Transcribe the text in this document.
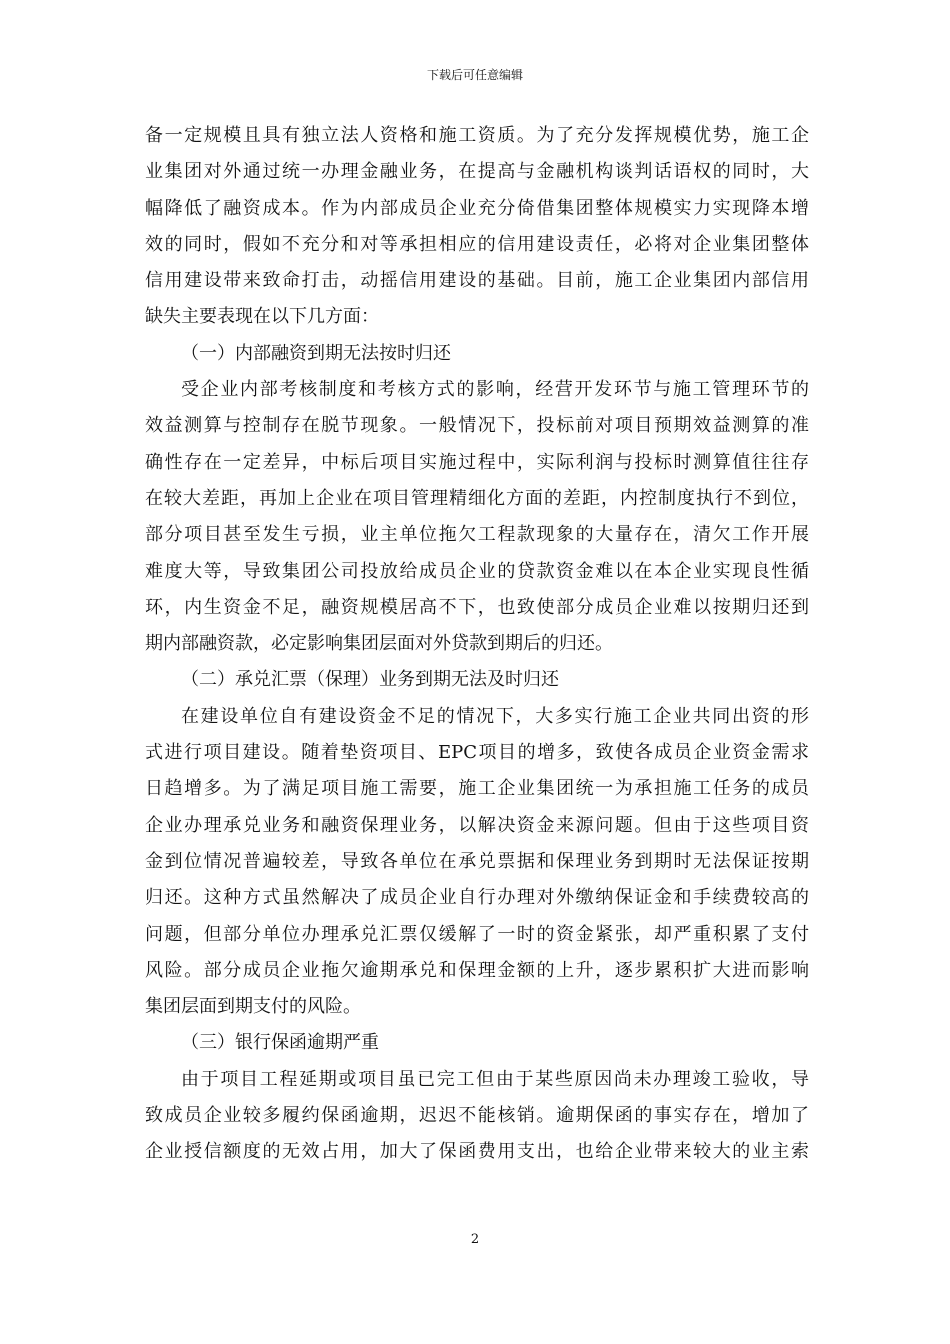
下载后可任意编辑
备一定规模且具有独立法人资格和施工资质。为了充分发挥规模优势，施工企
业集团对外通过统一办理金融业务，在提高与金融机构谈判话语权的同时，大
幅降低了融资成本。作为内部成员企业充分倚借集团整体规模实力实现降本增
效的同时，假如不充分和对等承担相应的信用建设责任，必将对企业集团整体
信用建设带来致命打击，动摇信用建设的基础。目前，施工企业集团内部信用
缺失主要表现在以下几方面：
（一）内部融资到期无法按时归还
受企业内部考核制度和考核方式的影响，经营开发环节与施工管理环节的
效益测算与控制存在脱节现象。一般情况下，投标前对项目预期效益测算的准
确性存在一定差异，中标后项目实施过程中，实际利润与投标时测算值往往存
在较大差距，再加上企业在项目管理精细化方面的差距，内控制度执行不到位，
部分项目甚至发生亏损，业主单位拖欠工程款现象的大量存在，清欠工作开展
难度大等，导致集团公司投放给成员企业的贷款资金难以在本企业实现良性循
环，内生资金不足，融资规模居高不下，也致使部分成员企业难以按期归还到
期内部融资款，必定影响集团层面对外贷款到期后的归还。
（二）承兑汇票（保理）业务到期无法及时归还
在建设单位自有建设资金不足的情况下，大多实行施工企业共同出资的形
式进行项目建设。随着垫资项目、EPC项目的增多，致使各成员企业资金需求
日趋增多。为了满足项目施工需要，施工企业集团统一为承担施工任务的成员
企业办理承兑业务和融资保理业务，以解决资金来源问题。但由于这些项目资
金到位情况普遍较差，导致各单位在承兑票据和保理业务到期时无法保证按期
归还。这种方式虽然解决了成员企业自行办理对外缴纳保证金和手续费较高的
问题，但部分单位办理承兑汇票仅缓解了一时的资金紧张，却严重积累了支付
风险。部分成员企业拖欠逾期承兑和保理金额的上升，逐步累积扩大进而影响
集团层面到期支付的风险。
（三）银行保函逾期严重
由于项目工程延期或项目虽已完工但由于某些原因尚未办理竣工验收，导
致成员企业较多履约保函逾期，迟迟不能核销。逾期保函的事实存在，增加了
企业授信额度的无效占用，加大了保函费用支出，也给企业带来较大的业主索
2
